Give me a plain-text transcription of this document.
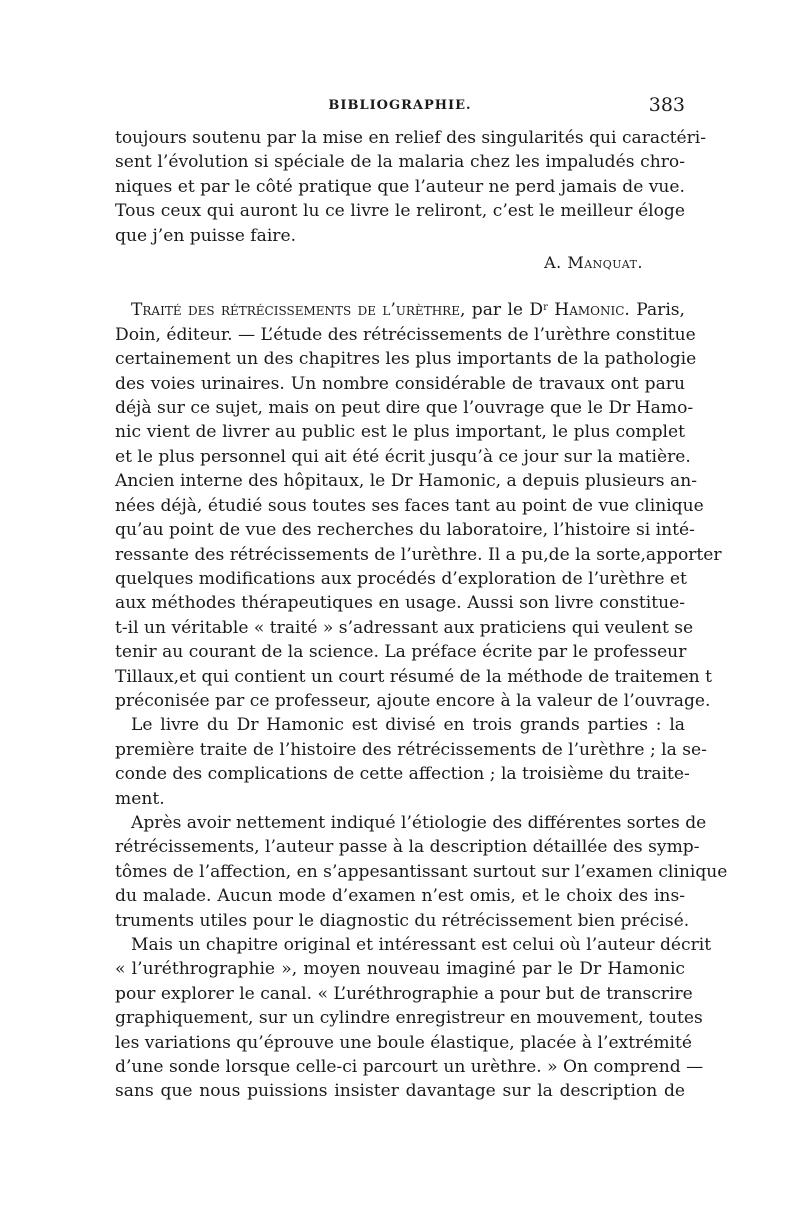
BIBLIOGRAPHIE.	383
toujours soutenu par la mise en relief des singularités qui caractéri-
sent l’évolution si spéciale de la malaria chez les impaludés chro-
niques et par le côté pratique que l’auteur ne perd jamais de vue.
Tous ceux qui auront lu ce livre le reliront, c’est le meilleur éloge
que j’en puisse faire.
A. Manquat.
Traité des rétrécissements de l’urèthre, par le $D^r$ Hamonic. Paris,
Doin, éditeur. — L’étude des rétrécissements de l’urèthre constitue
certainement un des chapitres les plus importants de la pathologie
des voies urinaires. Un nombre considérable de travaux ont paru
déjà sur ce sujet, mais on peut dire que l’ouvrage que le Dr Hamo-
nic vient de livrer au public est le plus important, le plus complet
et le plus personnel qui ait été écrit jusqu’à ce jour sur la matière.
Ancien interne des hôpitaux, le Dr Hamonic, a depuis plusieurs an-
nées déjà, étudié sous toutes ses faces tant au point de vue clinique
qu’au point de vue des recherches du laboratoire, l’histoire si inté-
ressante des rétrécissements de l’urèthre. Il a pu,de la sorte,apporter
quelques modifications aux procédés d’exploration de l’urèthre et
aux méthodes thérapeutiques en usage. Aussi son livre constitue-
t-il un véritable « traité » s’adressant aux praticiens qui veulent se
tenir au courant de la science. La préface écrite par le professeur
Tillaux,et qui contient un court résumé de la méthode de traitemen t
préconisée par ce professeur, ajoute encore à la valeur de l’ouvrage.
Le livre du Dr Hamonic est divisé en trois grands parties : la
première traite de l’histoire des rétrécissements de l’urèthre ; la se-
conde des complications de cette affection ; la troisième du traite-
ment.
Après avoir nettement indiqué l’étiologie des différentes sortes de
rétrécissements, l’auteur passe à la description détaillée des symp-
tômes de l’affection, en s’appesantissant surtout sur l’examen clinique
du malade. Aucun mode d’examen n’est omis, et le choix des ins-
truments utiles pour le diagnostic du rétrécissement bien précisé.
Mais un chapitre original et intéressant est celui où l’auteur décrit
« l’uréthrographie », moyen nouveau imaginé par le Dr Hamonic
pour explorer le canal. « L’uréthrographie a pour but de transcrire
graphiquement, sur un cylindre enregistreur en mouvement, toutes
les variations qu’éprouve une boule élastique, placée à l’extrémité
d’une sonde lorsque celle-ci parcourt un urèthre. » On comprend —
sans que nous puissions insister davantage sur la description de
